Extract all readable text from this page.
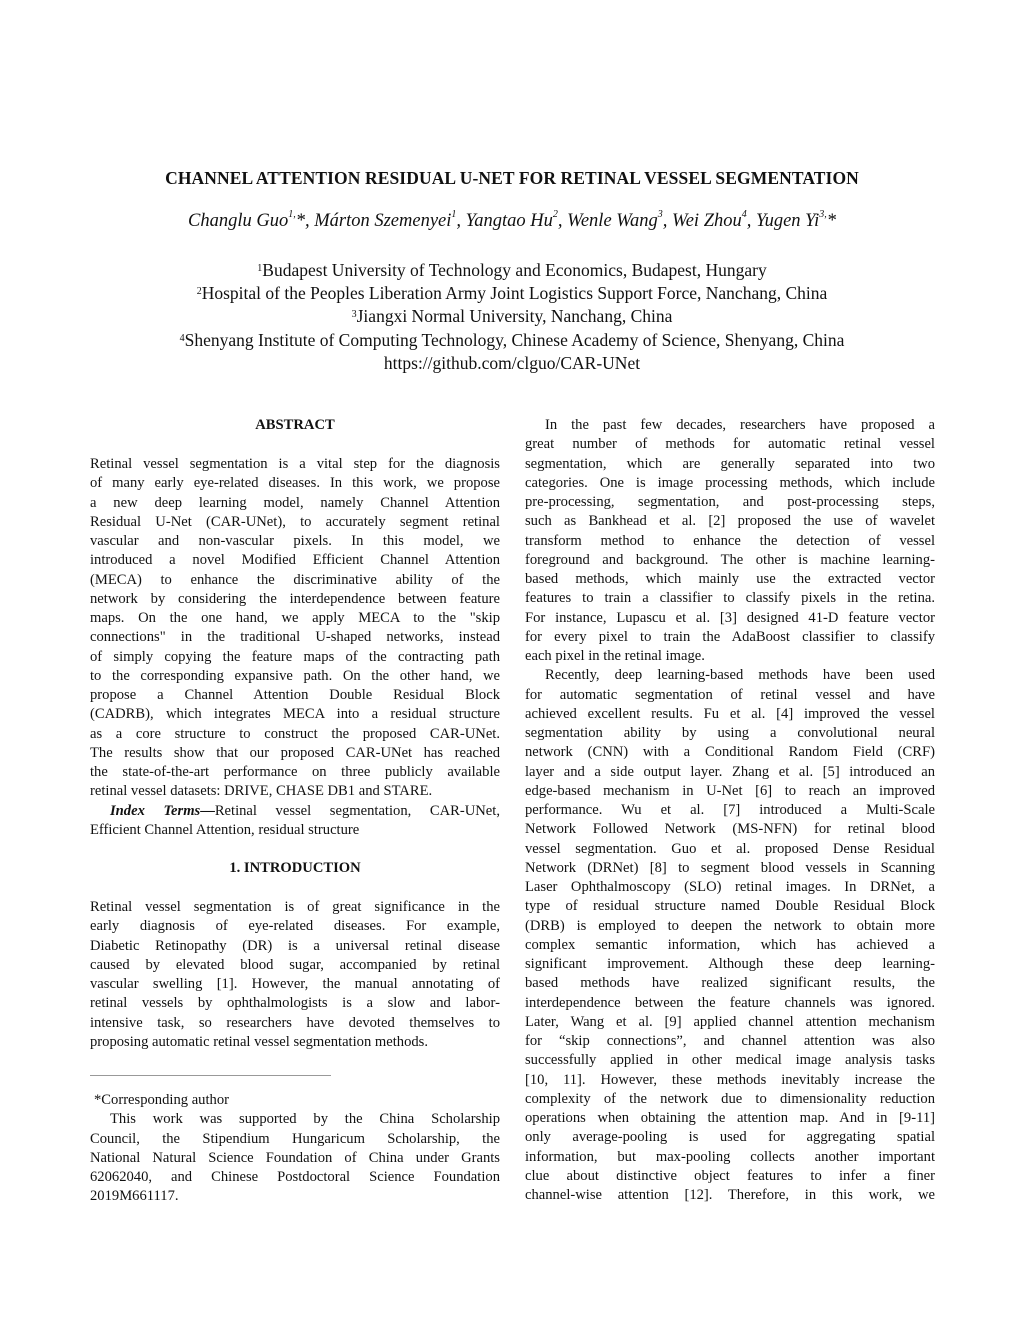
CHANNEL ATTENTION RESIDUAL U-NET FOR RETINAL VESSEL SEGMENTATION
Changlu Guo$^{1,}$*, Márton Szemenyei$^1$, Yangtao Hu$^2$, Wenle Wang$^3$, Wei Zhou$^4$, Yugen $Yi^{3,}*$
$^1$Budapest University of Technology and Economics, Budapest, Hungary
$^2$Hospital of the Peoples Liberation Army Joint Logistics Support Force, Nanchang, China
$^3$Jiangxi Normal University, Nanchang, China
$^4$Shenyang Institute of Computing Technology, Chinese Academy of Science, Shenyang, China
https://github.com/clguo/CAR-UNet
ABSTRACT
Retinal vessel segmentation is a vital step for the diagnosis
of many early eye-related diseases. In this work, we propose
a new deep learning model, namely Channel Attention
Residual U-Net (CAR-UNet), to accurately segment retinal
vascular and non-vascular pixels. In this model, we
introduced a novel Modified Efficient Channel Attention
(MECA) to enhance the discriminative ability of the
network by considering the interdependence between feature
maps. On the one hand, we apply MECA to the "skip
connections" in the traditional U-shaped networks, instead
of simply copying the feature maps of the contracting path
to the corresponding expansive path. On the other hand, we
propose a Channel Attention Double Residual Block
(CADRB), which integrates MECA into a residual structure
as a core structure to construct the proposed CAR-UNet.
The results show that our proposed CAR-UNet has reached
the state-of-the-art performance on three publicly available
retinal vessel datasets: DRIVE, CHASE DB1 and STARE.
Index Terms—Retinal vessel segmentation, CAR-UNet,
Efficient Channel Attention, residual structure
1. INTRODUCTION
Retinal vessel segmentation is of great significance in the
early diagnosis of eye-related diseases. For example,
Diabetic Retinopathy (DR) is a universal retinal disease
caused by elevated blood sugar, accompanied by retinal
vascular swelling [1]. However, the manual annotating of
retinal vessels by ophthalmologists is a slow and labor-
intensive task, so researchers have devoted themselves to
proposing automatic retinal vessel segmentation methods.
*Corresponding author
This work was supported by the China Scholarship
Council, the Stipendium Hungaricum Scholarship, the
National Natural Science Foundation of China under Grants
62062040, and Chinese Postdoctoral Science Foundation
2019M661117.
In the past few decades, researchers have proposed a
great number of methods for automatic retinal vessel
segmentation, which are generally separated into two
categories. One is image processing methods, which include
pre-processing, segmentation, and post-processing steps,
such as Bankhead et al. [2] proposed the use of wavelet
transform method to enhance the detection of vessel
foreground and background. The other is machine learning-
based methods, which mainly use the extracted vector
features to train a classifier to classify pixels in the retina.
For instance, Lupascu et al. [3] designed 41-D feature vector
for every pixel to train the AdaBoost classifier to classify
each pixel in the retinal image.
Recently, deep learning-based methods have been used
for automatic segmentation of retinal vessel and have
achieved excellent results. Fu et al. [4] improved the vessel
segmentation ability by using a convolutional neural
network (CNN) with a Conditional Random Field (CRF)
layer and a side output layer. Zhang et al. [5] introduced an
edge-based mechanism in U-Net [6] to reach an improved
performance. Wu et al. [7] introduced a Multi-Scale
Network Followed Network (MS-NFN) for retinal blood
vessel segmentation. Guo et al. proposed Dense Residual
Network (DRNet) [8] to segment blood vessels in Scanning
Laser Ophthalmoscopy (SLO) retinal images. In DRNet, a
type of residual structure named Double Residual Block
(DRB) is employed to deepen the network to obtain more
complex semantic information, which has achieved a
significant improvement. Although these deep learning-
based methods have realized significant results, the
interdependence between the feature channels was ignored.
Later, Wang et al. [9] applied channel attention mechanism
for “skip connections”, and channel attention was also
successfully applied in other medical image analysis tasks
[10, 11]. However, these methods inevitably increase the
complexity of the network due to dimensionality reduction
operations when obtaining the attention map. And in [9-11]
only average-pooling is used for aggregating spatial
information, but max-pooling collects another important
clue about distinctive object features to infer a finer
channel-wise attention [12]. Therefore, in this work, we
